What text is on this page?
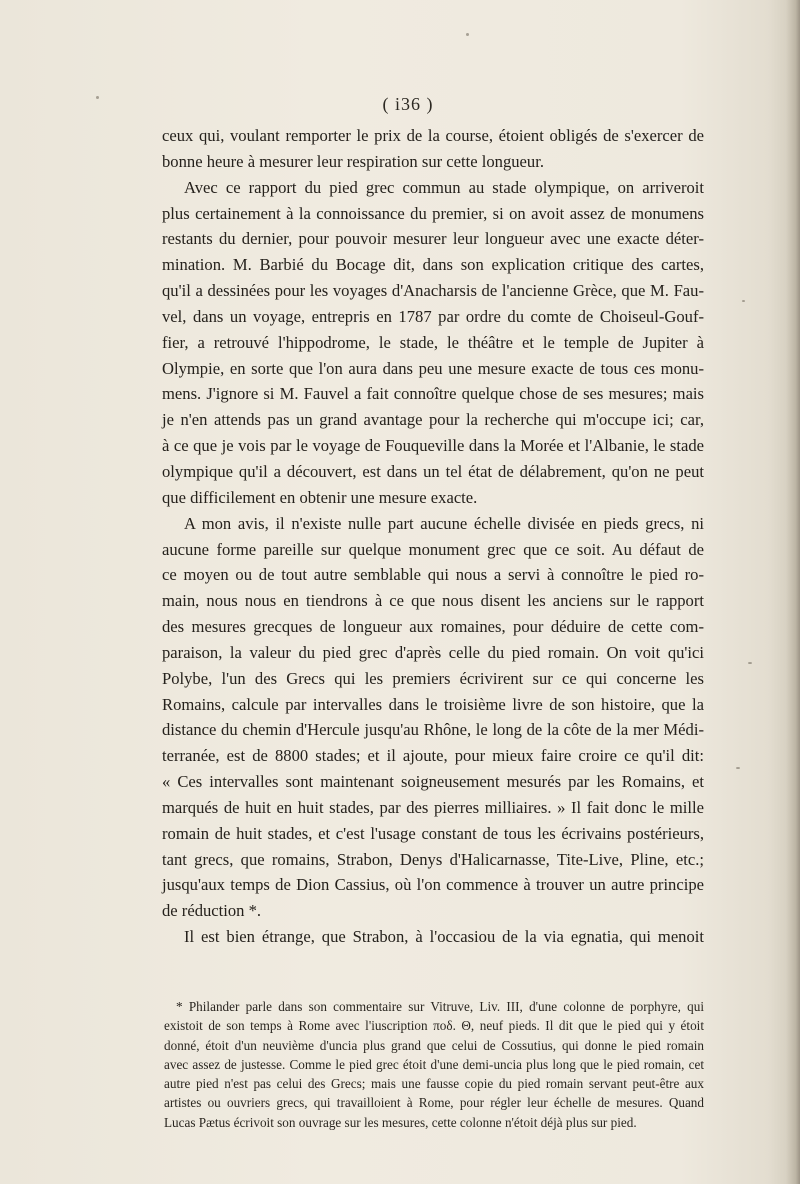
( i36 )
ceux qui, voulant remporter le prix de la course, étoient obligés de s'exercer de
bonne heure à mesurer leur respiration sur cette longueur.
Avec ce rapport du pied grec commun au stade olympique, on arriveroit
plus certainement à la connoissance du premier, si on avoit assez de monumens
restants du dernier, pour pouvoir mesurer leur longueur avec une exacte déter-
mination. M. Barbié du Bocage dit, dans son explication critique des cartes,
qu'il a dessinées pour les voyages d'Anacharsis de l'ancienne Grèce, que M. Fau-
vel, dans un voyage, entrepris en 1787 par ordre du comte de Choiseul-Gouf-
fier, a retrouvé l'hippodrome, le stade, le théâtre et le temple de Jupiter à
Olympie, en sorte que l'on aura dans peu une mesure exacte de tous ces monu-
mens. J'ignore si M. Fauvel a fait connoître quelque chose de ses mesures; mais
je n'en attends pas un grand avantage pour la recherche qui m'occupe ici; car,
à ce que je vois par le voyage de Fouqueville dans la Morée et l'Albanie, le stade
olympique qu'il a découvert, est dans un tel état de délabrement, qu'on ne peut
que difficilement en obtenir une mesure exacte.
A mon avis, il n'existe nulle part aucune échelle divisée en pieds grecs, ni
aucune forme pareille sur quelque monument grec que ce soit. Au défaut de
ce moyen ou de tout autre semblable qui nous a servi à connoître le pied ro-
main, nous nous en tiendrons à ce que nous disent les anciens sur le rapport
des mesures grecques de longueur aux romaines, pour déduire de cette com-
paraison, la valeur du pied grec d'après celle du pied romain. On voit qu'ici
Polybe, l'un des Grecs qui les premiers écrivirent sur ce qui concerne les
Romains, calcule par intervalles dans le troisième livre de son histoire, que la
distance du chemin d'Hercule jusqu'au Rhône, le long de la côte de la mer Médi-
terranée, est de 8800 stades; et il ajoute, pour mieux faire croire ce qu'il dit:
« Ces intervalles sont maintenant soigneusement mesurés par les Romains, et
marqués de huit en huit stades, par des pierres milliaires. » Il fait donc le mille
romain de huit stades, et c'est l'usage constant de tous les écrivains postérieurs,
tant grecs, que romains, Strabon, Denys d'Halicarnasse, Tite-Live, Pline, etc.;
jusqu'aux temps de Dion Cassius, où l'on commence à trouver un autre principe
de réduction *.
Il est bien étrange, que Strabon, à l'occasiou de la via egnatia, qui menoit
* Philander parle dans son commentaire sur Vitruve, Liv. III, d'une colonne de porphyre, qui
existoit de son temps à Rome avec l'iuscription ποδ. Θ, neuf pieds. Il dit que le pied qui y étoit
donné, étoit d'un neuvième d'uncia plus grand que celui de Cossutius, qui donne le pied romain
avec assez de justesse. Comme le pied grec étoit d'une demi-uncia plus long que le pied romain, cet
autre pied n'est pas celui des Grecs; mais une fausse copie du pied romain servant peut-être aux
artistes ou ouvriers grecs, qui travailloient à Rome, pour régler leur échelle de mesures. Quand
Lucas Pætus écrivoit son ouvrage sur les mesures, cette colonne n'étoit déjà plus sur pied.
